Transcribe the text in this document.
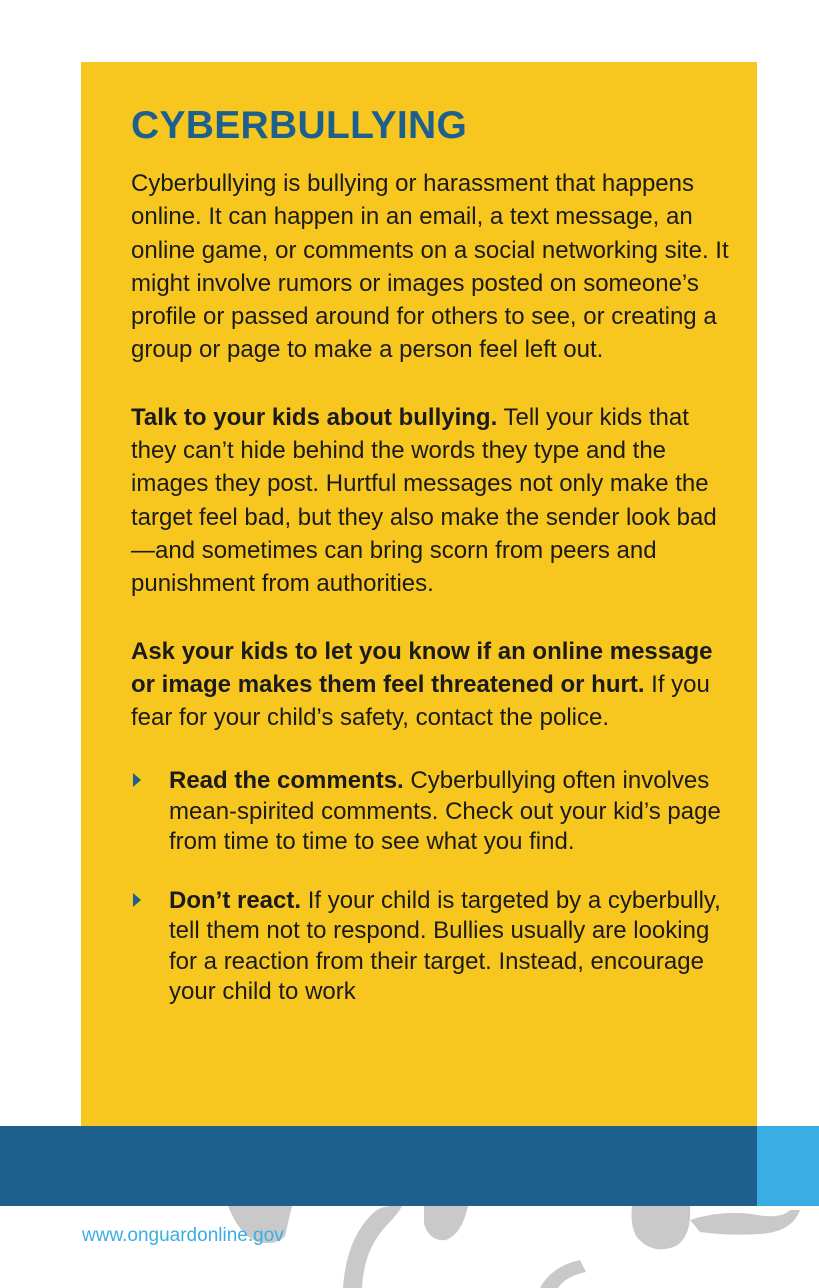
CYBERBULLYING

Cyberbullying is bullying or harassment that happens online. It can happen in an email, a text message, an online game, or comments on a social networking site. It might involve rumors or images posted on someone’s profile or passed around for others to see, or creating a group or page to make a person feel left out.

Talk to your kids about bullying. Tell your kids that they can’t hide behind the words they type and the images they post. Hurtful messages not only make the target feel bad, but they also make the sender look bad—and sometimes can bring scorn from peers and punishment from authorities.

Ask your kids to let you know if an online message or image makes them feel threatened or hurt. If you fear for your child’s safety, contact the police.

Read the comments. Cyberbullying often involves mean-spirited comments. Check out your kid’s page from time to time to see what you find.
Don’t react. If your child is targeted by a cyberbully, tell them not to respond. Bullies usually are looking for a reaction from their target. Instead, encourage your child to work
www.onguardonline.gov
